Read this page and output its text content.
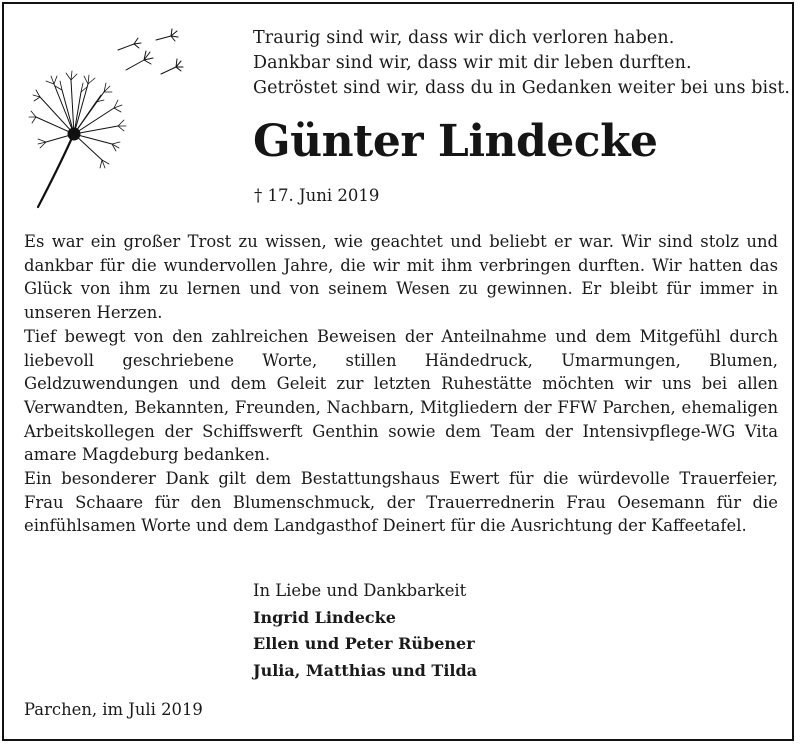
Traurig sind wir, dass wir dich verloren haben.
Dankbar sind wir, dass wir mit dir leben durften.
Getröstet sind wir, dass du in Gedanken weiter bei uns bist.
Günter Lindecke
† 17. Juni 2019

Es war ein großer Trost zu wissen, wie geachtet und beliebt er war. Wir sind stolz und dankbar für die wundervollen Jahre, die wir mit ihm verbringen durften. Wir hatten das Glück von ihm zu lernen und von seinem Wesen zu gewinnen. Er bleibt für immer in unseren Herzen.

Tief bewegt von den zahlreichen Beweisen der Anteilnahme und dem Mitgefühl durch liebevoll geschriebene Worte, stillen Händedruck, Umarmungen, Blumen, Geldzuwendungen und dem Geleit zur letzten Ruhestätte möchten wir uns bei allen Verwandten, Bekannten, Freunden, Nachbarn, Mitgliedern der FFW Parchen, ehemaligen Arbeitskollegen der Schiffswerft Genthin sowie dem Team der Intensivpflege-WG Vita amare Magdeburg bedanken.

Ein besonderer Dank gilt dem Bestattungshaus Ewert für die würdevolle Trauerfeier, Frau Schaare für den Blumenschmuck, der Trauerrednerin Frau Oesemann für die einfühlsamen Worte und dem Landgasthof Deinert für die Ausrichtung der Kaffeetafel.

In Liebe und Dankbarkeit
Ingrid Lindecke
Ellen und Peter Rübener
Julia, Matthias und Tilda
Parchen, im Juli 2019
